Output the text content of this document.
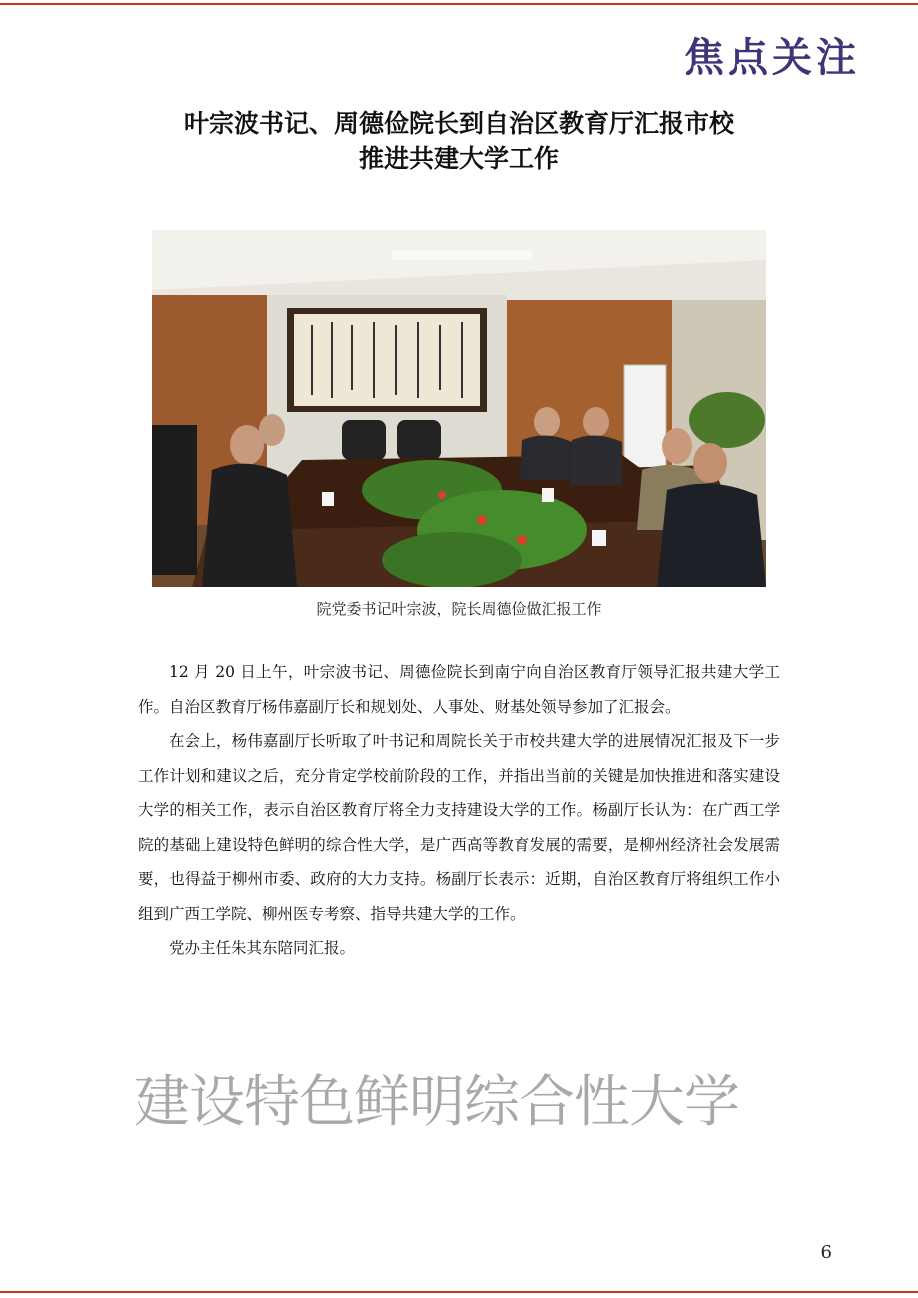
焦点关注
叶宗波书记、周德俭院长到自治区教育厅汇报市校
推进共建大学工作
院党委书记叶宗波，院长周德俭做汇报工作

12 月 20 日上午，叶宗波书记、周德俭院长到南宁向自治区教育厅领导汇报共建大学工作。自治区教育厅杨伟嘉副厅长和规划处、人事处、财基处领导参加了汇报会。

在会上，杨伟嘉副厅长听取了叶书记和周院长关于市校共建大学的进展情况汇报及下一步工作计划和建议之后，充分肯定学校前阶段的工作，并指出当前的关键是加快推进和落实建设大学的相关工作，表示自治区教育厅将全力支持建设大学的工作。杨副厅长认为：在广西工学院的基础上建设特色鲜明的综合性大学，是广西高等教育发展的需要，是柳州经济社会发展需要，也得益于柳州市委、政府的大力支持。杨副厅长表示：近期，自治区教育厅将组织工作小组到广西工学院、柳州医专考察、指导共建大学的工作。

党办主任朱其东陪同汇报。

建设特色鲜明综合性大学
6
